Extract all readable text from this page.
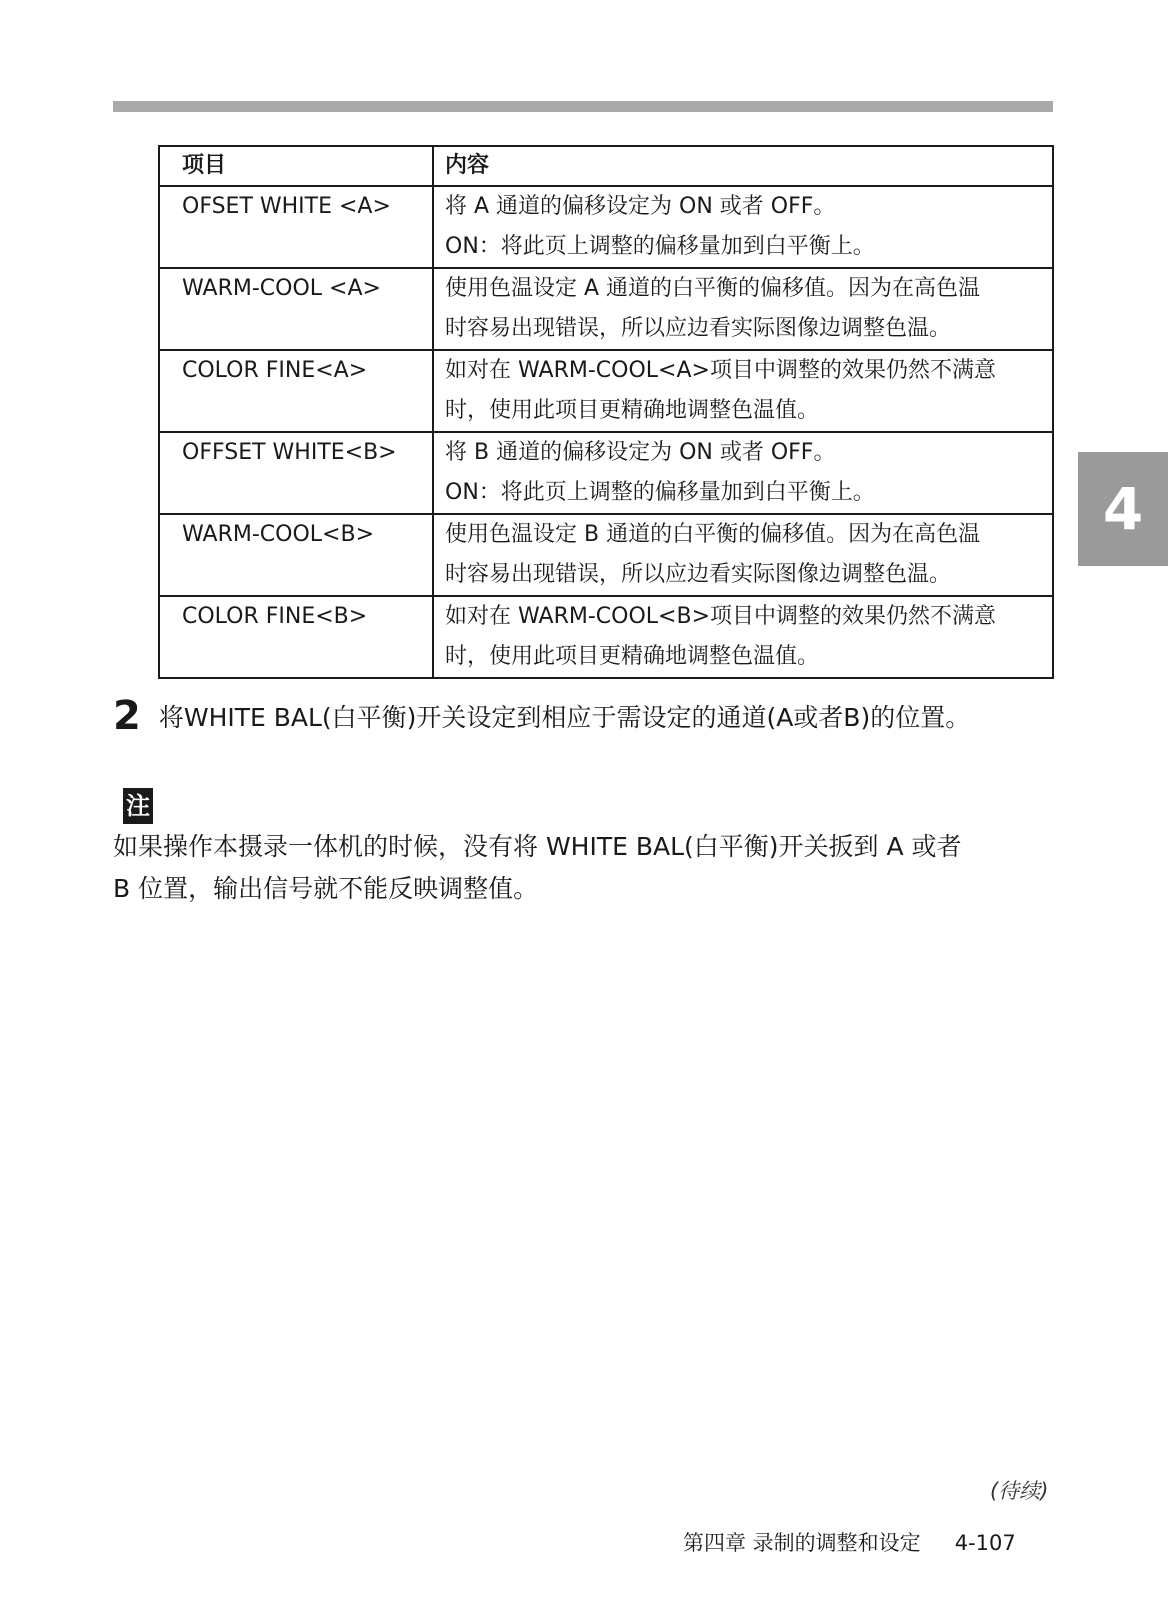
项目	内容
OFSET WHITE <A>	将 A 通道的偏移设定为 ON 或者 OFF。
ON：将此页上调整的偏移量加到白平衡上。

WARM-COOL <A>	使用色温设定 A 通道的白平衡的偏移值。因为在高色温
时容易出现错误，所以应边看实际图像边调整色温。

COLOR FINE<A>	如对在 WARM-COOL<A>项目中调整的效果仍然不满意
时，使用此项目更精确地调整色温值。

OFFSET WHITE<B>	将 B 通道的偏移设定为 ON 或者 OFF。
ON：将此页上调整的偏移量加到白平衡上。

WARM-COOL<B>	使用色温设定 B 通道的白平衡的偏移值。因为在高色温
时容易出现错误，所以应边看实际图像边调整色温。

COLOR FINE<B>	如对在 WARM-COOL<B>项目中调整的效果仍然不满意
时，使用此项目更精确地调整色温值。
2 将WHITE BAL(白平衡)开关设定到相应于需设定的通道(A或者B)的位置。
注
如果操作本摄录一体机的时候，没有将 WHITE BAL(白平衡)开关扳到 A 或者
B 位置，输出信号就不能反映调整值。
(待续)
第四章 录制的调整和设定 4-107
4
